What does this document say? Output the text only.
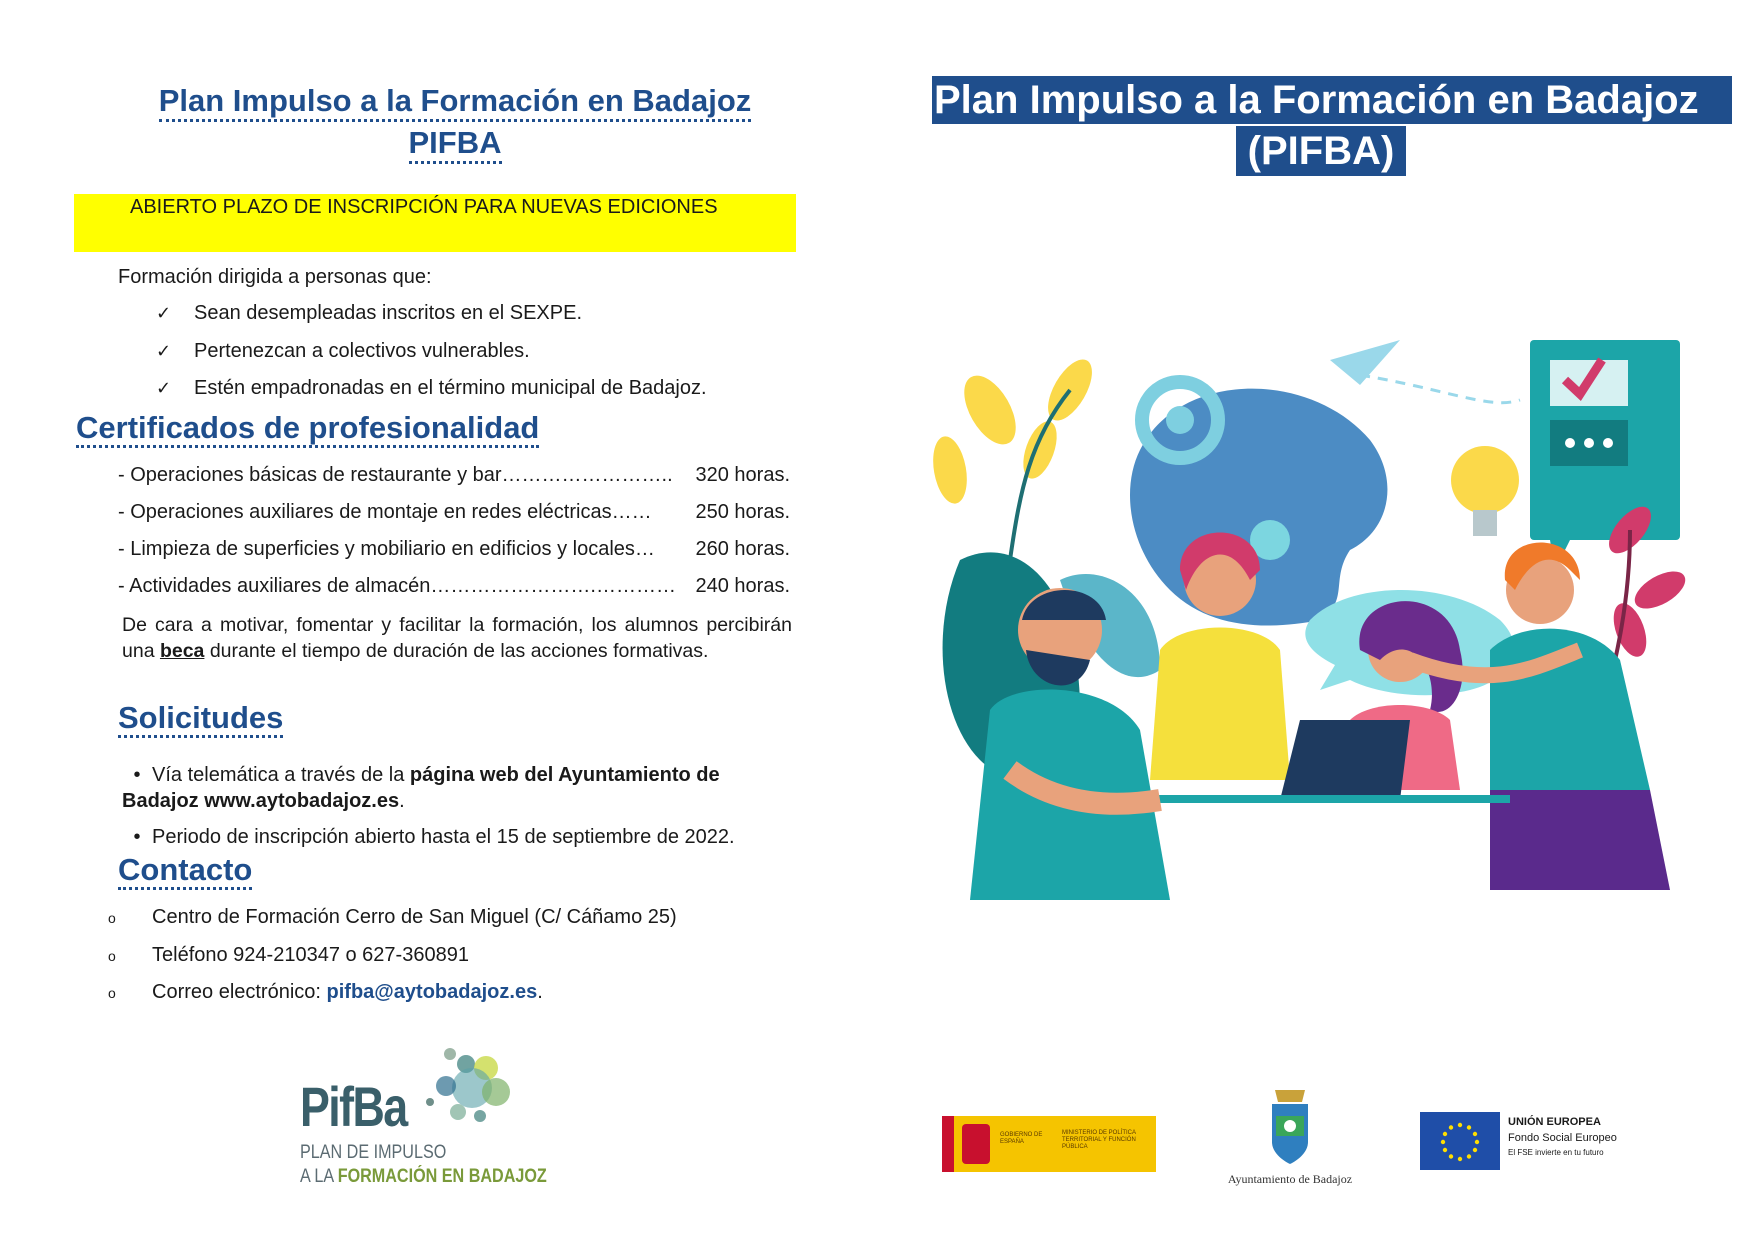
Plan Impulso a la Formación en Badajoz
PIFBA
ABIERTO PLAZO DE INSCRIPCIÓN PARA NUEVAS EDICIONES
Formación dirigida a personas que:
✓ Sean desempleadas inscritos en el SEXPE.
✓ Pertenezcan a colectivos vulnerables.
✓ Estén empadronadas en el término municipal de Badajoz.
Certificados de profesionalidad
- Operaciones básicas de restaurante y bar…………………….. 320 horas.
- Operaciones auxiliares de montaje en redes eléctricas…… 250 horas.
- Limpieza de superficies y mobiliario en edificios y locales… 260 horas.
- Actividades auxiliares de almacén…………………….………… 240 horas.
De cara a motivar, fomentar y facilitar la formación, los alumnos percibirán una beca durante el tiempo de duración de las acciones formativas.
Solicitudes
• Vía telemática a través de la página web del Ayuntamiento de Badajoz www.aytobadajoz.es.
• Periodo de inscripción abierto hasta el 15 de septiembre de 2022.
Contacto
o Centro de Formación Cerro de San Miguel (C/ Cáñamo 25)
o Teléfono 924-210347 o 627-360891
o Correo electrónico: pifba@aytobadajoz.es.
PifBa
PLAN DE IMPULSO
A LA FORMACIÓN EN BADAJOZ
Plan Impulso a la Formación en Badajoz
(PIFBA)
GOBIERNO DE ESPAÑA
MINISTERIO DE POLÍTICA TERRITORIAL Y FUNCIÓN PÚBLICA
Ayuntamiento de Badajoz
UNIÓN EUROPEA
Fondo Social Europeo
El FSE invierte en tu futuro
